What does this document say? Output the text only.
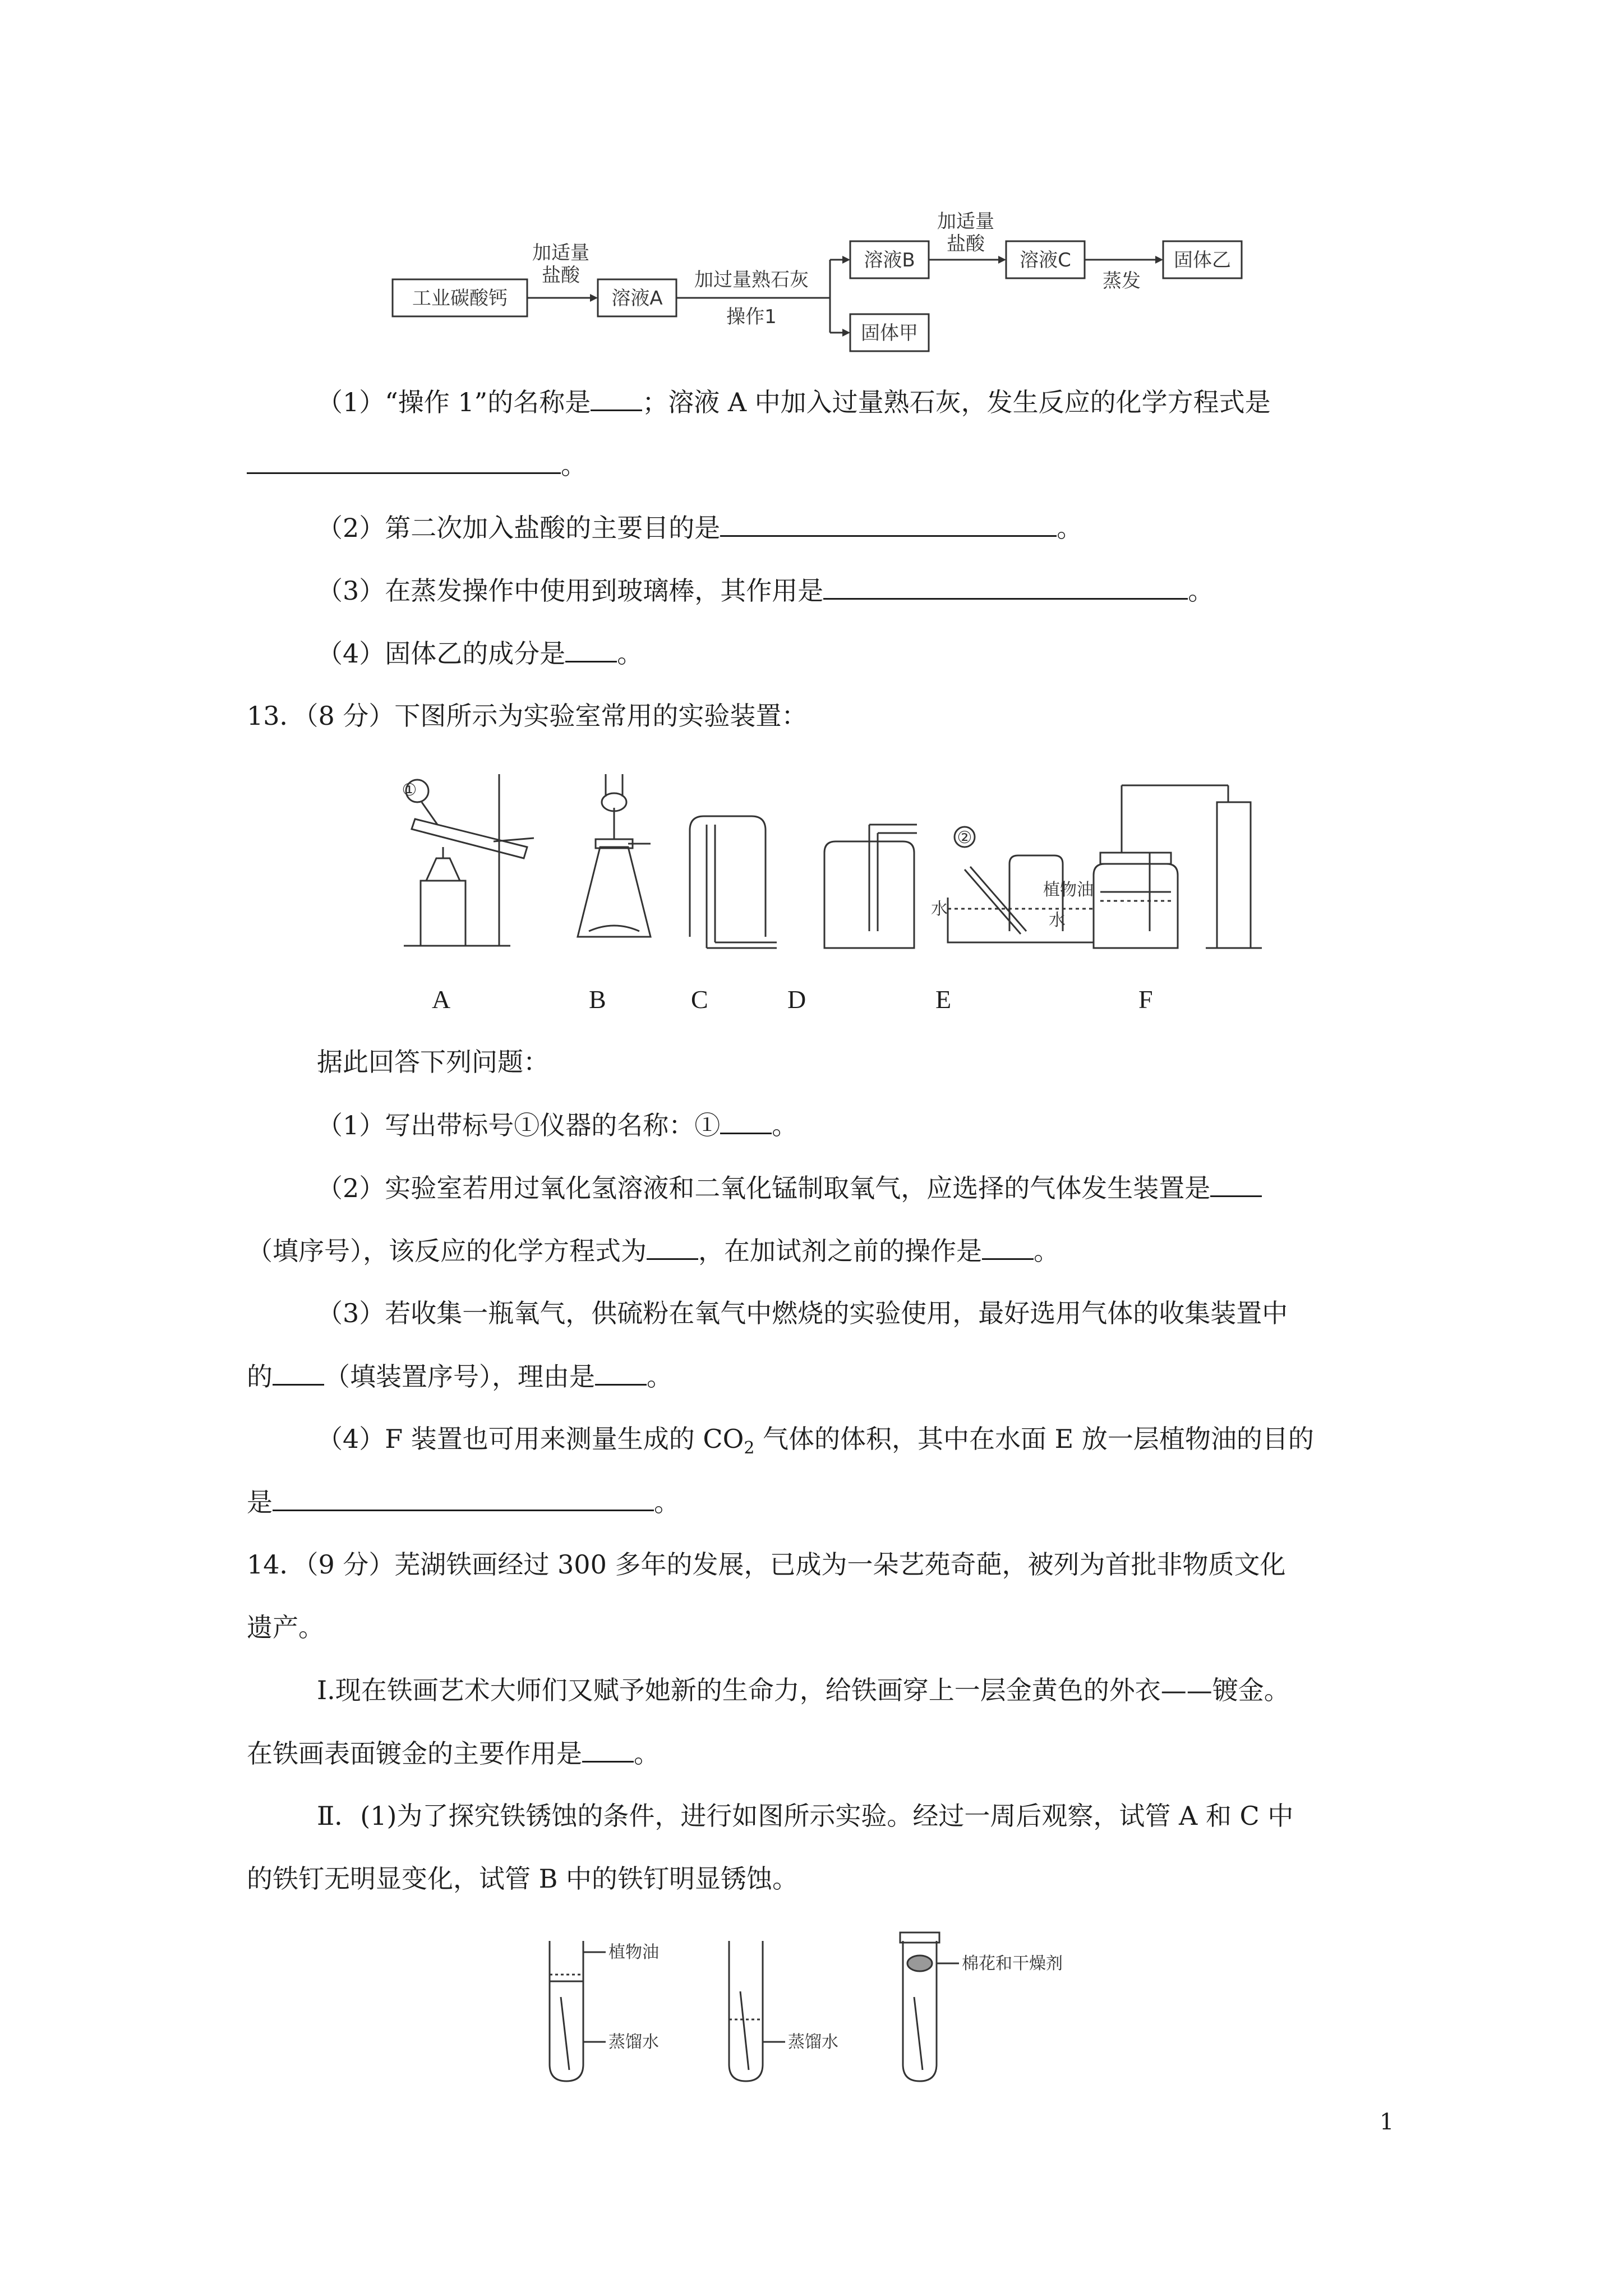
工业碳酸钙
加适量
盐酸
溶液A
加过量熟石灰
操作1
溶液B
固体甲
加适量
盐酸
溶液C
蒸发
固体乙
（1）“操作 1”的名称是 ；溶液 A 中加入过量熟石灰，发生反应的化学方程式是
。
（2）第二次加入盐酸的主要目的是	。
（3）在蒸发操作中使用到玻璃棒，其作用是	。
（4）固体乙的成分是 。
13．（8 分）下图所示为实验室常用的实验装置：
①
②
水
植物油
水
A	B	C	D	E	F
据此回答下列问题：
（1）写出带标号①仪器的名称：① 。
（2）实验室若用过氧化氢溶液和二氧化锰制取氧气，应选择的气体发生装置是
（填序号），该反应的化学方程式为 ，在加试剂之前的操作是 。
（3）若收集一瓶氧气，供硫粉在氧气中燃烧的实验使用，最好选用气体的收集装置中
的 （填装置序号），理由是 。
（4）F 装置也可用来测量生成的 $CO_2$ 气体的体积，其中在水面 E 放一层植物油的目的
是	。
14．（9 分）芜湖铁画经过 300 多年的发展，已成为一朵艺苑奇葩，被列为首批非物质文化
遗产。
Ⅰ.现在铁画艺术大师们又赋予她新的生命力，给铁画穿上一层金黄色的外衣——镀金。
在铁画表面镀金的主要作用是 。
Ⅱ．(1)为了探究铁锈蚀的条件，进行如图所示实验。经过一周后观察，试管 A 和 C 中
的铁钉无明显变化，试管 B 中的铁钉明显锈蚀。
植物油
蒸馏水	蒸馏水
棉花和干燥剂
1
